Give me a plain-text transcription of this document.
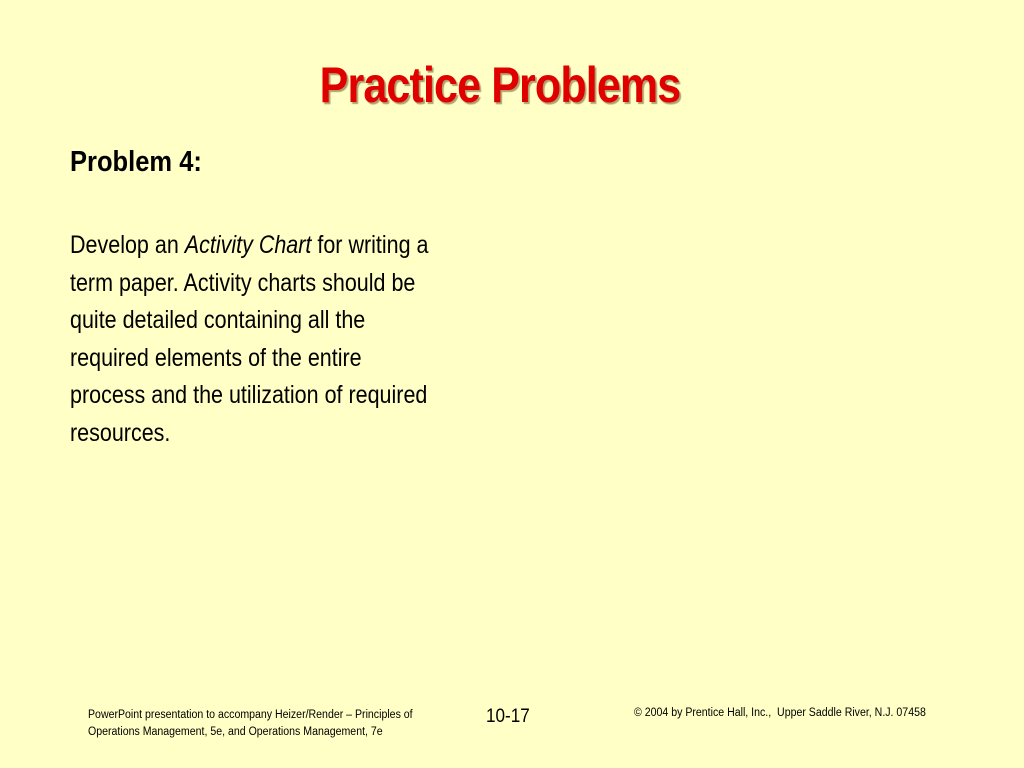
Practice Problems
Problem 4:

Develop an Activity Chart for writing a term paper. Activity charts should be quite detailed containing all the required elements of the entire process and the utilization of required resources.

PowerPoint presentation to accompany Heizer/Render – Principles of Operations Management, 5e, and Operations Management, 7e
10-17	© 2004 by Prentice Hall, Inc.,  Upper Saddle River, N.J. 07458
